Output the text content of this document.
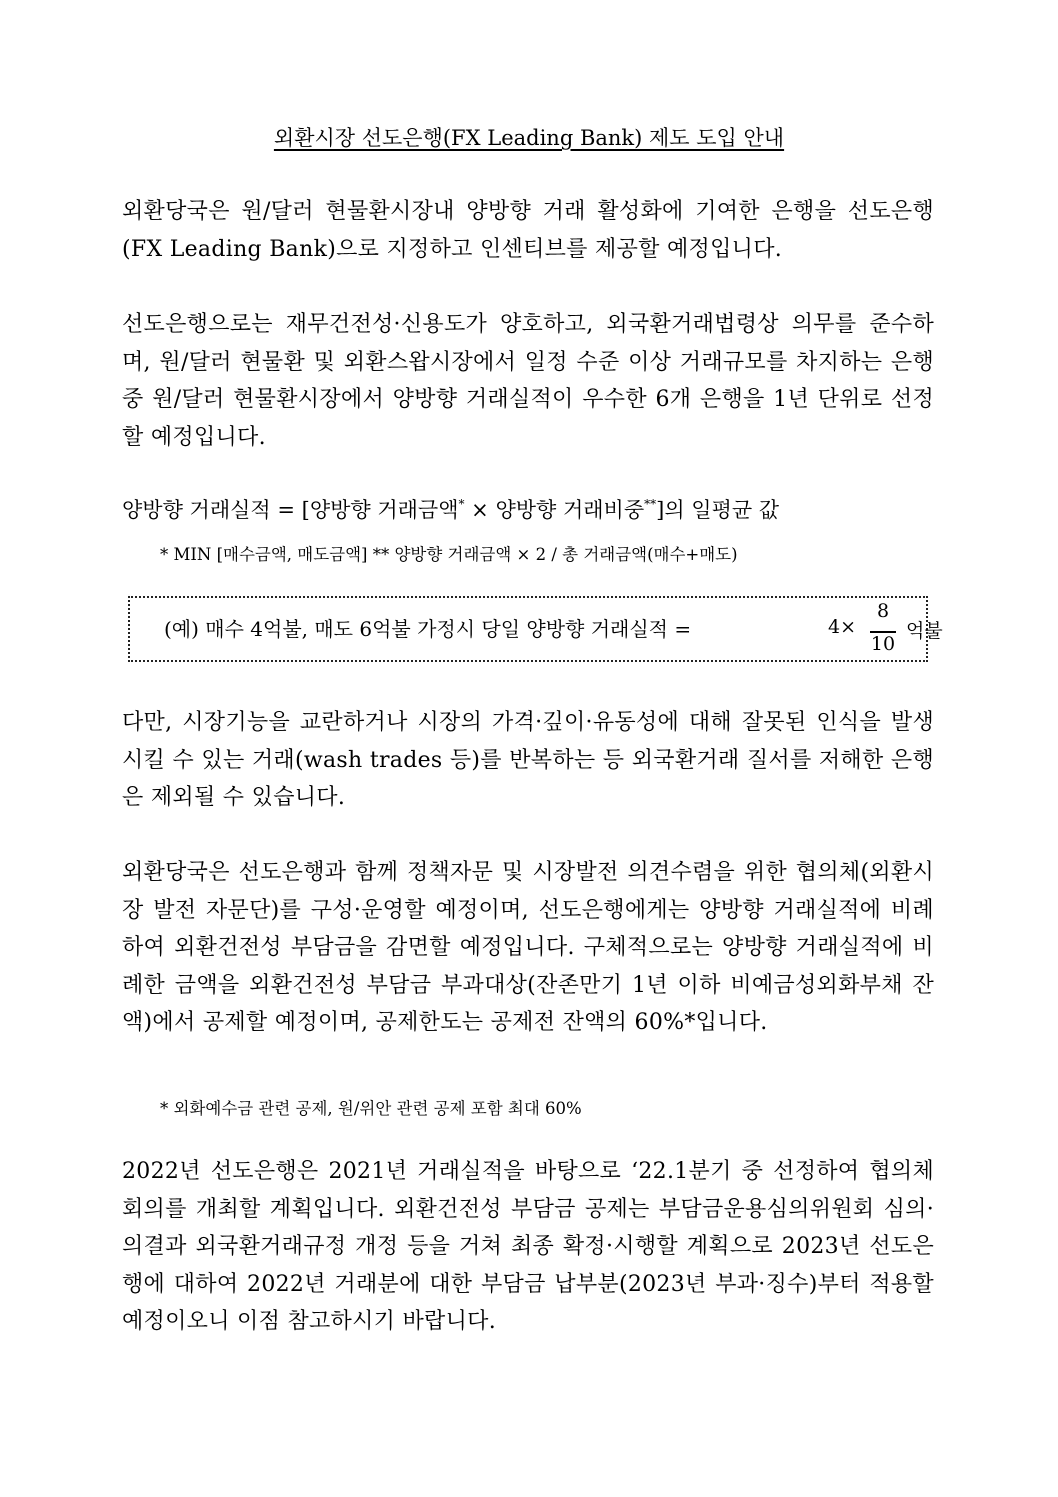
외환시장 선도은행(FX Leading Bank) 제도 도입 안내
외환당국은 원/달러 현물환시장내 양방향 거래 활성화에 기여한 은행을 선도은행(FX Leading Bank)으로 지정하고 인센티브를 제공할 예정입니다.
선도은행으로는 재무건전성·신용도가 양호하고, 외국환거래법령상 의무를 준수하며, 원/달러 현물환 및 외환스왑시장에서 일정 수준 이상 거래규모를 차지하는 은행 중 원/달러 현물환시장에서 양방향 거래실적이 우수한 6개 은행을 1년 단위로 선정할 예정입니다.
양방향 거래실적 = [양방향 거래금액* × 양방향 거래비중**]의 일평균 값
* MIN [매수금액, 매도금액] ** 양방향 거래금액 × 2 / 총 거래금액(매수+매도)
(예) 매수 4억불, 매도 6억불 가정시 당일 양방향 거래실적 =	4×
8
10
억불
다만, 시장기능을 교란하거나 시장의 가격·깊이·유동성에 대해 잘못된 인식을 발생시킬 수 있는 거래(wash trades 등)를 반복하는 등 외국환거래 질서를 저해한 은행은 제외될 수 있습니다.
외환당국은 선도은행과 함께 정책자문 및 시장발전 의견수렴을 위한 협의체(외환시장 발전 자문단)를 구성·운영할 예정이며, 선도은행에게는 양방향 거래실적에 비례하여 외환건전성 부담금을 감면할 예정입니다. 구체적으로는 양방향 거래실적에 비례한 금액을 외환건전성 부담금 부과대상(잔존만기 1년 이하 비예금성외화부채 잔액)에서 공제할 예정이며, 공제한도는 공제전 잔액의 60%*입니다.
* 외화예수금 관련 공제, 원/위안 관련 공제 포함 최대 60%
2022년 선도은행은 2021년 거래실적을 바탕으로 ‘22.1분기 중 선정하여 협의체 회의를 개최할 계획입니다. 외환건전성 부담금 공제는 부담금운용심의위원회 심의·의결과 외국환거래규정 개정 등을 거쳐 최종 확정·시행할 계획으로 2023년 선도은행에 대하여 2022년 거래분에 대한 부담금 납부분(2023년 부과·징수)부터 적용할 예정이오니 이점 참고하시기 바랍니다.
